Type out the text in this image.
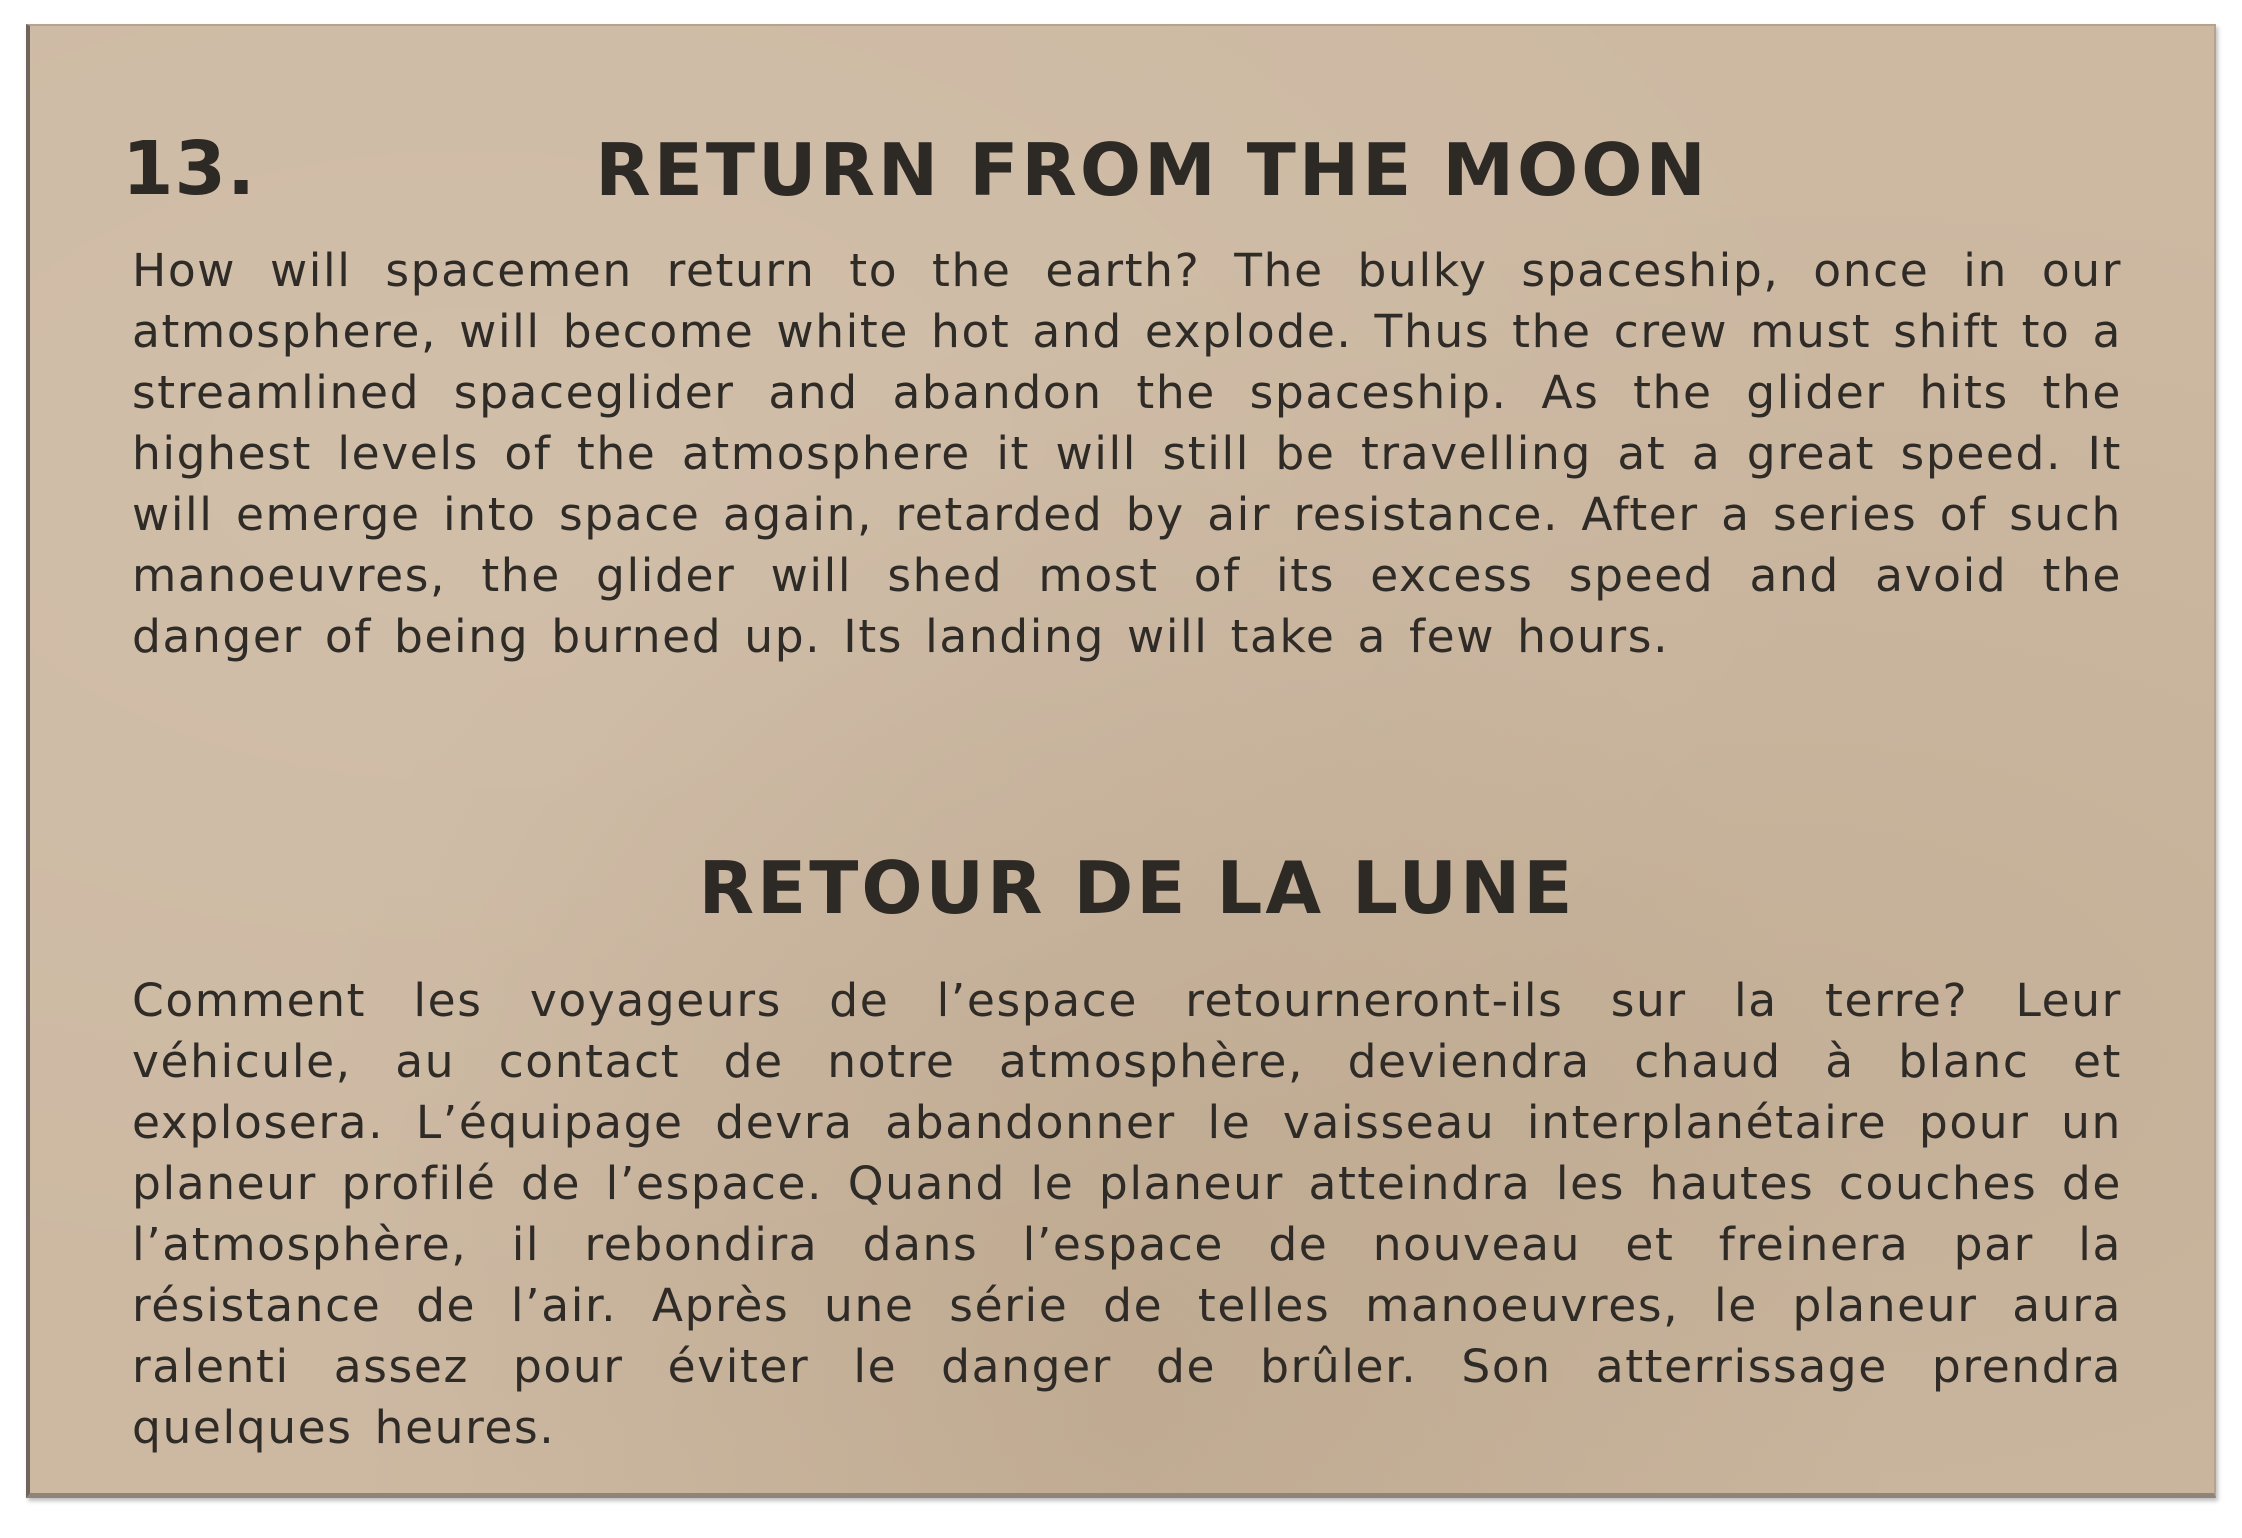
13.	RETURN FROM THE MOON
How will spacemen return to the earth? The bulky spaceship, once in our atmosphere, will become white hot and explode. Thus the crew must shift to a streamlined spaceglider and abandon the spaceship. As the glider hits the highest levels of the atmosphere it will still be travelling at a great speed. It will emerge into space again, retarded by air resistance. After a series of such manoeuvres, the glider will shed most of its excess speed and avoid the danger of being burned up. Its landing will take a few hours.
RETOUR DE LA LUNE
Comment les voyageurs de l’espace retourneront-ils sur la terre? Leur véhicule, au contact de notre atmosphère, deviendra chaud à blanc et explosera. L’équipage devra abandonner le vaisseau interplanétaire pour un planeur profilé de l’espace. Quand le planeur atteindra les hautes couches de l’atmosphère, il rebondira dans l’espace de nouveau et freinera par la résistance de l’air. Après une série de telles manoeuvres, le planeur aura ralenti assez pour éviter le danger de brûler. Son atterrissage prendra quelques heures.
